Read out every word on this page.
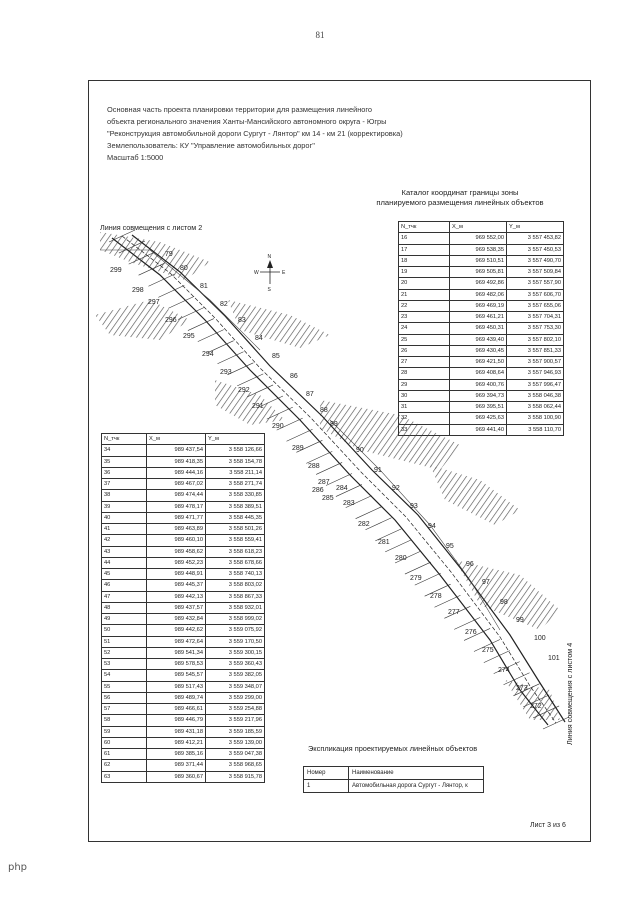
81
Основная часть проекта планировки территории для размещения линейного
объекта регионального значения Ханты-Мансийского автономного округа - Югры
"Реконструкция автомобильной дороги Сургут - Лянтор" км 14 - км 21 (корректировка)
Землепользователь: КУ "Управление автомобильных дорог"
Масштаб 1:5000
Каталог координат границы зоны
планируемого размещения линейных объектов
Линия совмещения с листом 2
Линия совмещения с листом 4
N
S
W	E
79
80
81
82
83
84
85
86
87
88
89
290
291
292
293
294
295
296
297
298
299
289
288
287
286
285
284
283
282
281
280
279
278
277
276
275
274
273
272
90
91
92
93
94
95
96
97
98
99
100
101
N_тчк	X_м	Y_м
16	969 552,00	3 557 453,82
17	969 538,35	3 557 450,53
18	969 510,51	3 557 490,70
19	969 505,81	3 557 509,84
20	969 492,86	3 557 557,90
21	969 482,06	3 557 606,70
22	969 469,19	3 557 655,06
23	969 461,21	3 557 704,31
24	969 450,31	3 557 753,30
25	969 439,40	3 557 802,10
26	969 430,45	3 557 851,33
27	969 421,50	3 557 900,57
28	969 408,64	3 557 946,93
29	969 400,76	3 557 996,47
30	969 394,73	3 558 046,38
31	969 395,51	3 558 062,44
32	969 425,63	3 558 100,90
33	969 441,40	3 558 110,70
N_тчк	X_м	Y_м
34	989 437,54	3 558 126,66
35	989 418,35	3 558 154,78
36	989 444,16	3 558 211,14
37	989 467,02	3 558 271,74
38	989 474,44	3 558 330,85
39	989 478,17	3 558 389,51
40	989 471,77	3 558 445,35
41	989 463,89	3 558 501,26
42	989 460,10	3 558 559,41
43	989 458,62	3 558 618,23
44	989 452,23	3 558 678,66
45	989 448,91	3 558 740,13
46	989 445,37	3 558 803,02
47	989 442,13	3 558 867,33
48	989 437,57	3 558 932,01
49	989 432,84	3 558 999,02
50	989 442,62	3 559 075,92
51	989 472,64	3 559 170,50
52	989 541,34	3 559 300,15
53	989 578,53	3 559 360,43
54	989 545,57	3 559 382,05
55	989 517,43	3 559 348,07
56	989 489,74	3 559 299,00
57	989 466,61	3 559 254,88
58	989 446,79	3 559 217,96
59	989 431,18	3 559 185,59
60	989 412,21	3 559 139,00
61	989 385,16	3 559 047,38
62	989 371,44	3 558 968,65
63	989 360,67	3 558 915,78
Экспликация проектируемых линейных объектов
Номер	Наименование
1	Автомобильная дорога Сургут - Лянтор, к
Лист 3 из 6
php
